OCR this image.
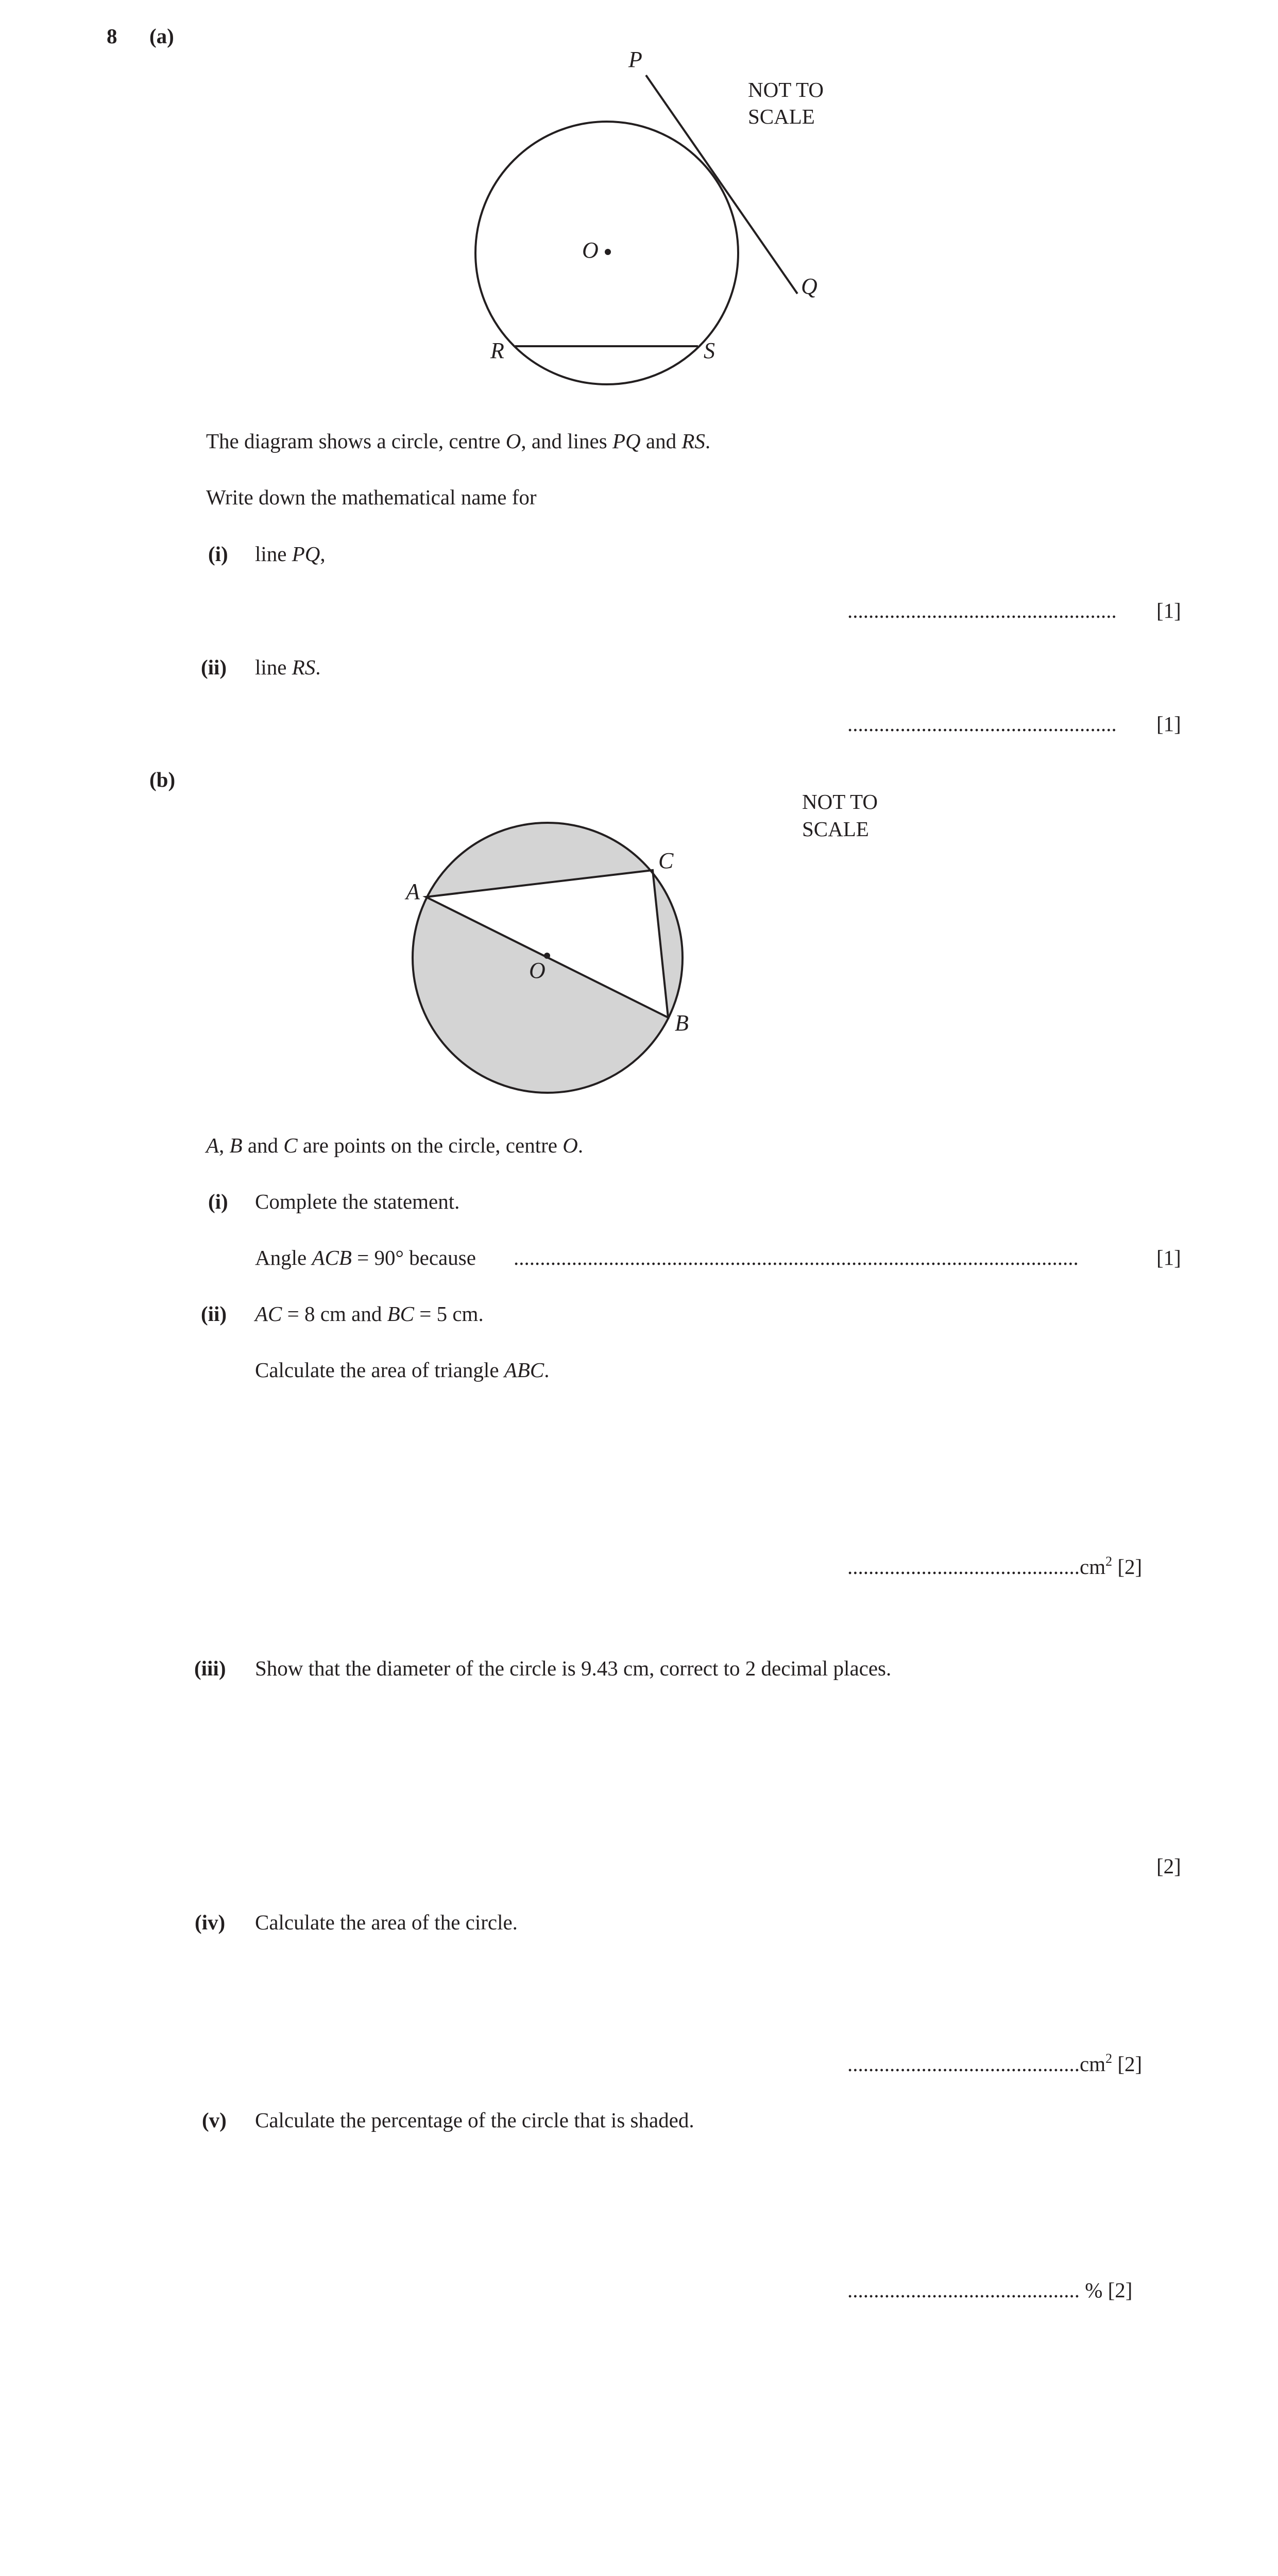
8 (a)
P
Q
O
R	S
NOT TO
SCALE
The diagram shows a circle, centre O, and lines PQ and RS.
Write down the mathematical name for
(i) line PQ,
................................................... [1]
(ii) line RS.
................................................... [1]
(b)
A
C
B
O
NOT TO
SCALE
A, B and C are points on the circle, centre O.
(i) Complete the statement.
Angle ACB = 90° because ...........................................................................................................	[1]
(ii) AC = 8 cm and BC = 5 cm.
Calculate the area of triangle ABC.
$............................................cm^2$ [2]
(iii) Show that the diameter of the circle is 9.43 cm, correct to 2 decimal places.
[2]
(iv) Calculate the area of the circle.
$............................................cm^2$ [2]
(v) Calculate the percentage of the circle that is shaded.
............................................ % [2]
